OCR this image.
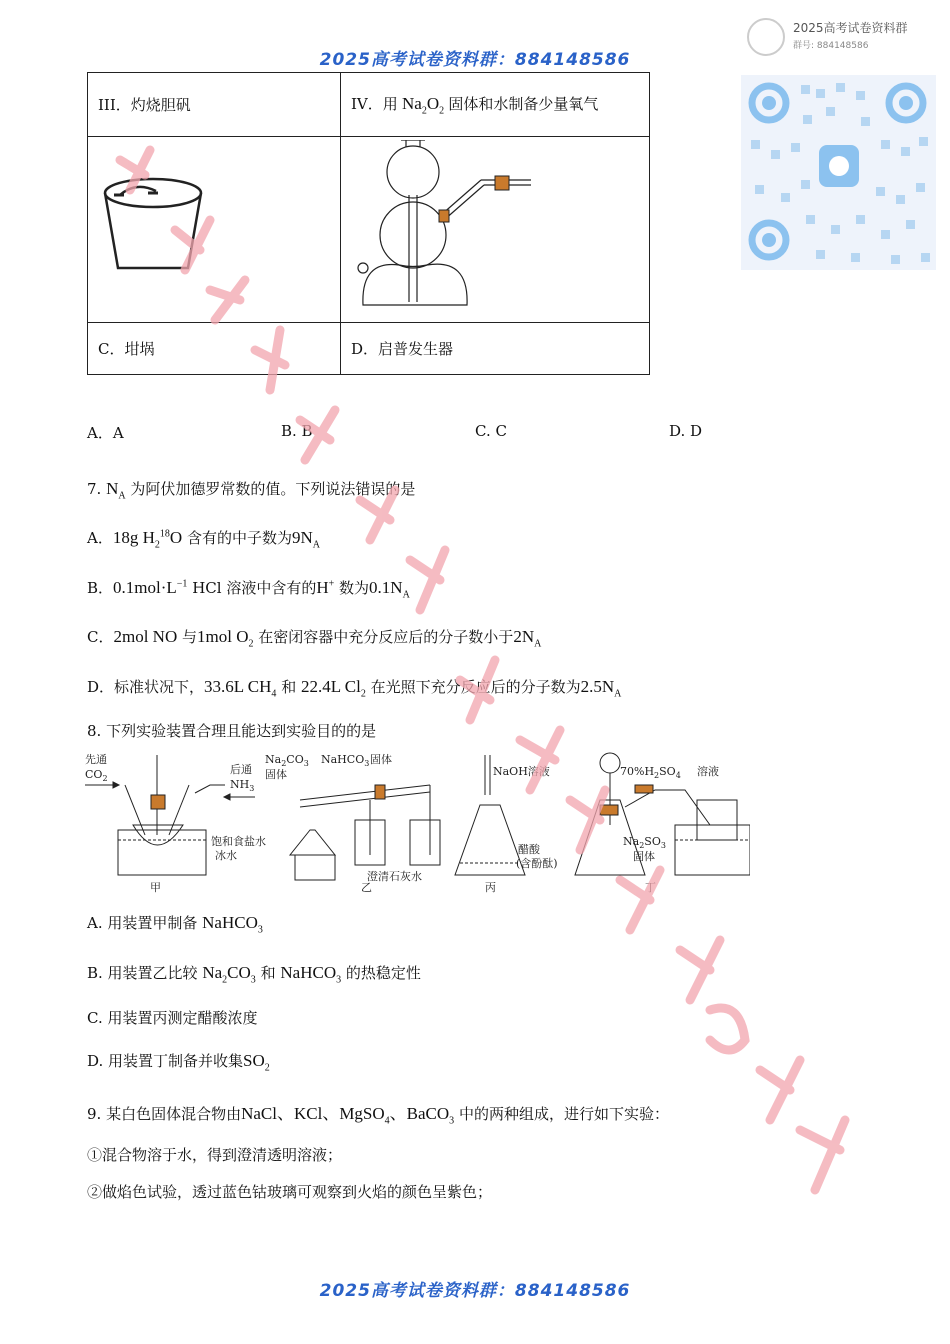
2025高考试卷资料群：884148586
2025高考试卷资料群
群号: 884148586
III．灼烧胆矾	IV．用 $Na_2O_2$ 固体和水制备少量氧气

C．坩埚	D．启普发生器
A．A	B. B	C. C	D. D
7. $N_A$ 为阿伏加德罗常数的值。下列说法错误的是
A．18g $H_2^{18}O$ 含有的中子数为$9N_A$
B．$0.1mol\cdot L^{-1}$ HCl 溶液中含有的H+ 数为$0.1N_A$
C．2mol NO 与1mol $O_2$ 在密闭容器中充分反应后的分子数小于$2N_A$
D．标准状况下，33.6L $CH_4$ 和 22.4L $Cl_2$ 在光照下充分反应后的分子数为$2.5N_A$
8. 下列实验装置合理且能达到实验目的的是
先通
$CO_2$
后通
$NH_3$
饱和食盐水
冰水
甲
$Na_2CO_3$
固体
NaHCO$_3$ 固体
澄清石灰水
乙
NaOH溶液
醋酸
(含酚酞)
丙
$70\%H_2SO_4$ 溶液
$Na_2SO_3$
固体
丁
A. 用装置甲制备 NaHCO$_3$
B. 用装置乙比较 $Na_2CO_3$ 和 NaHCO$_3$ 的热稳定性
C. 用装置丙测定醋酸浓度
D. 用装置丁制备并收集$SO_2$
9. 某白色固体混合物由NaCl、KCl、MgSO$_4$、BaCO$_3$ 中的两种组成，进行如下实验：
①混合物溶于水，得到澄清透明溶液；
②做焰色试验，透过蓝色钴玻璃可观察到火焰的颜色呈紫色；
2025高考试卷资料群：884148586
